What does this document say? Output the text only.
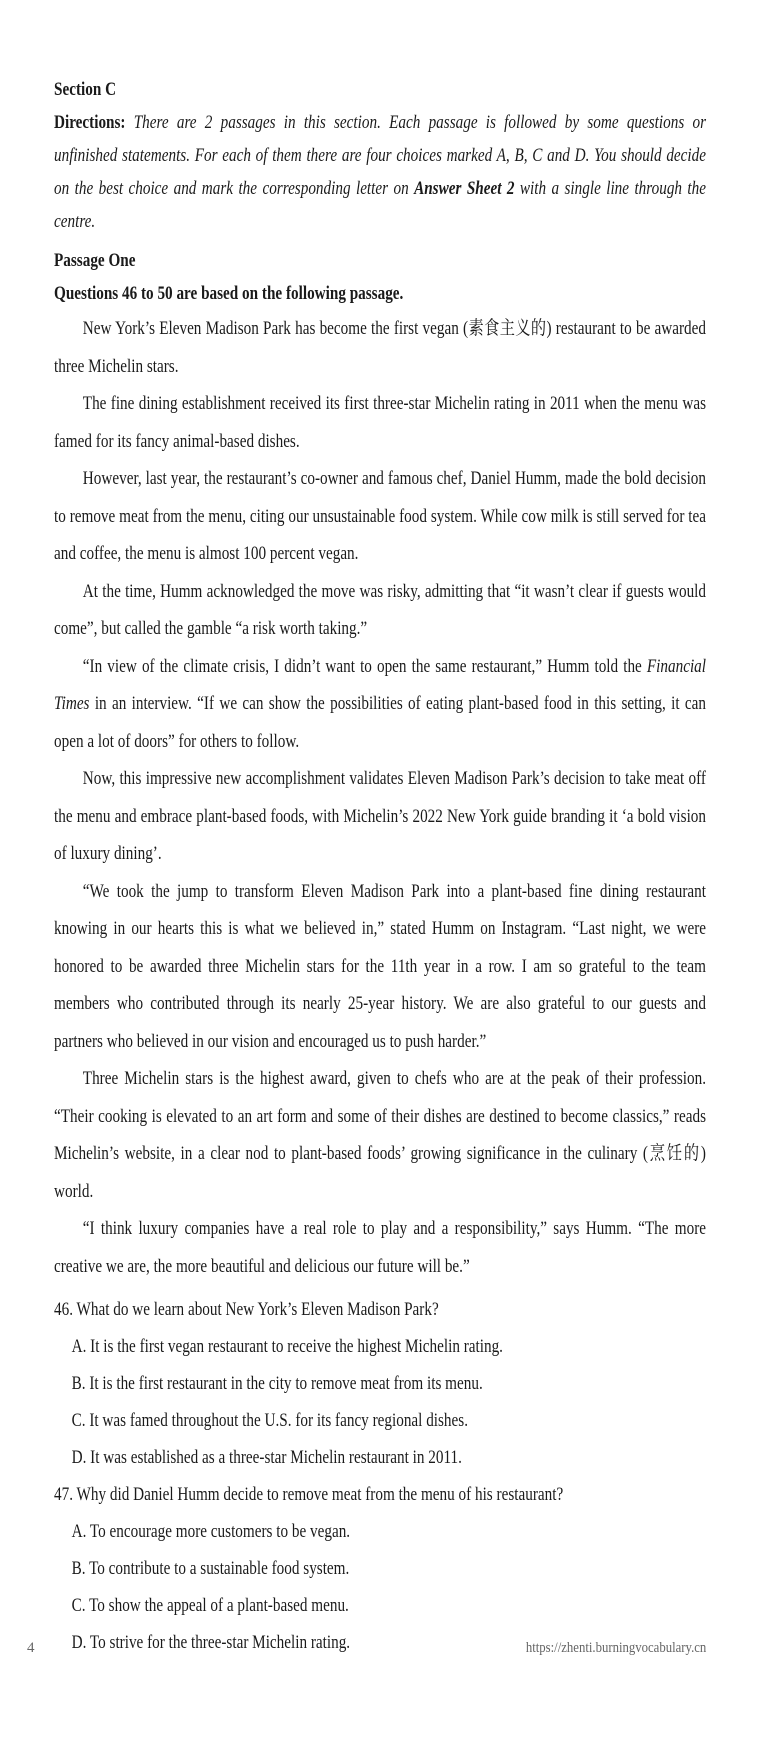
Section C
Directions: There are 2 passages in this section. Each passage is followed by some questions or unfinished statements. For each of them there are four choices marked A, B, C and D. You should decide on the best choice and mark the corresponding letter on Answer Sheet 2 with a single line through the centre.
Passage One
Questions 46 to 50 are based on the following passage.
New York’s Eleven Madison Park has become the first vegan (素食主义的) restaurant to be awarded three Michelin stars.
The fine dining establishment received its first three-star Michelin rating in 2011 when the menu was famed for its fancy animal-based dishes.
However, last year, the restaurant’s co-owner and famous chef, Daniel Humm, made the bold decision to remove meat from the menu, citing our unsustainable food system. While cow milk is still served for tea and coffee, the menu is almost 100 percent vegan.
At the time, Humm acknowledged the move was risky, admitting that “it wasn’t clear if guests would come”, but called the gamble “a risk worth taking.”
“In view of the climate crisis, I didn’t want to open the same restaurant,” Humm told the Financial Times in an interview. “If we can show the possibilities of eating plant-based food in this setting, it can open a lot of doors” for others to follow.
Now, this impressive new accomplishment validates Eleven Madison Park’s decision to take meat off the menu and embrace plant-based foods, with Michelin’s 2022 New York guide branding it ‘a bold vision of luxury dining’.
“We took the jump to transform Eleven Madison Park into a plant-based fine dining restaurant knowing in our hearts this is what we believed in,” stated Humm on Instagram. “Last night, we were honored to be awarded three Michelin stars for the 11th year in a row. I am so grateful to the team members who contributed through its nearly 25-year history. We are also grateful to our guests and partners who believed in our vision and encouraged us to push harder.”
Three Michelin stars is the highest award, given to chefs who are at the peak of their profession. “Their cooking is elevated to an art form and some of their dishes are destined to become classics,” reads Michelin’s website, in a clear nod to plant-based foods’ growing significance in the culinary (烹饪的) world.
“I think luxury companies have a real role to play and a responsibility,” says Humm. “The more creative we are, the more beautiful and delicious our future will be.”
46. What do we learn about New York’s Eleven Madison Park?
A. It is the first vegan restaurant to receive the highest Michelin rating.
B. It is the first restaurant in the city to remove meat from its menu.
C. It was famed throughout the U.S. for its fancy regional dishes.
D. It was established as a three-star Michelin restaurant in 2011.
47. Why did Daniel Humm decide to remove meat from the menu of his restaurant?
A. To encourage more customers to be vegan.
B. To contribute to a sustainable food system.
C. To show the appeal of a plant-based menu.
D. To strive for the three-star Michelin rating.
4	https://zhenti.burningvocabulary.cn
